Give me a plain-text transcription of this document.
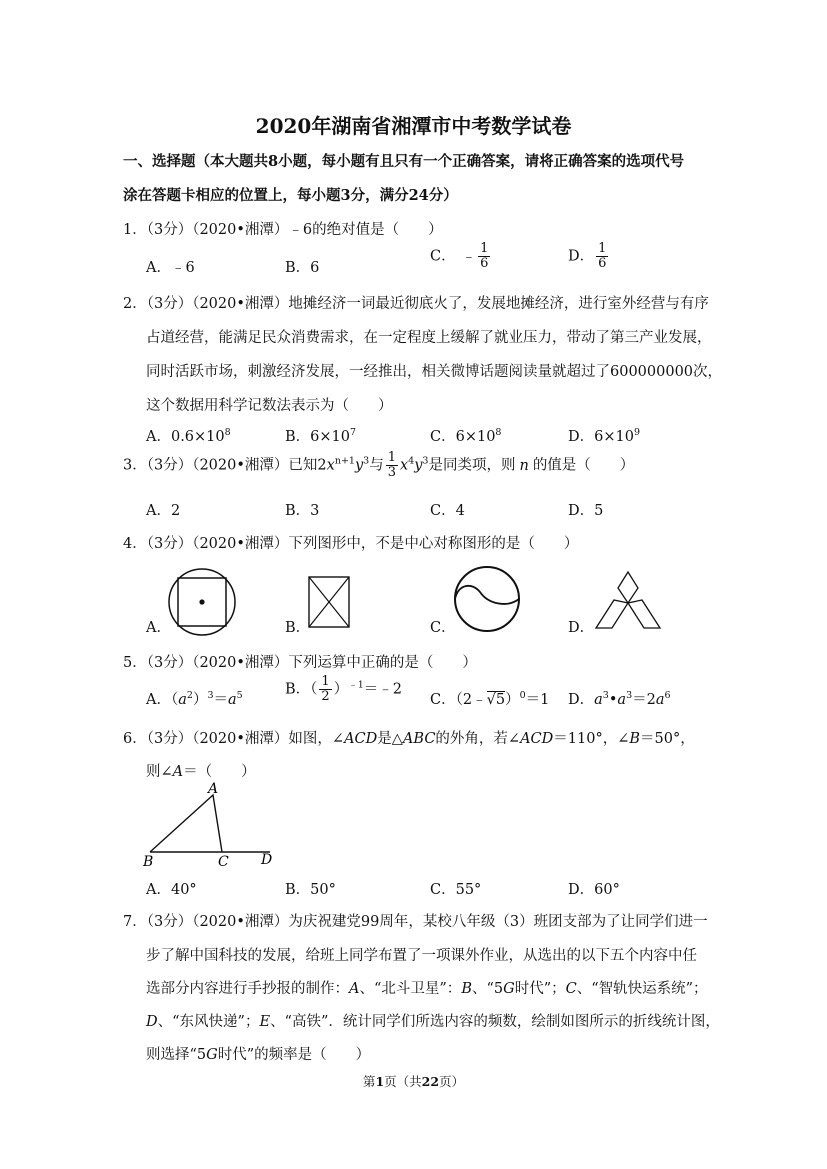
2020年湖南省湘潭市中考数学试卷
一、选择题（本大题共8小题，每小题有且只有一个正确答案，请将正确答案的选项代号
涂在答题卡相应的位置上，每小题3分，满分24分）
1．（3分）（2020•湘潭）﹣6的绝对值是（　　）
A．﹣6	B．6
C． ﹣ $\frac{1}{6}$	D． $\frac{1}{6}$
2．（3分）（2020•湘潭）地摊经济一词最近彻底火了，发展地摊经济，进行室外经营与有序
占道经营，能满足民众消费需求，在一定程度上缓解了就业压力，带动了第三产业发展，
同时活跃市场，刺激经济发展，一经推出，相关微博话题阅读量就超过了600000000次，
这个数据用科学记数法表示为（　　）
A．$0.6\times 10^8$	B．$6\times 10^7$	C．$6\times 10^8$	D．$6\times 10^9$
3．（3分）（2020•湘潭）已知$2x^{n+1}y^3$与 $\frac{1}{3} x^4y^3$是同类项，则 n 的值是（　　）
A．2	B．3	C．4	D．5
4．（3分）（2020•湘潭）下列图形中，不是中心对称图形的是（　　）
A．	B．	C．	D．
5．（3分）（2020•湘潭）下列运算中正确的是（　　）
A．$(a^2)^3=a^5$	B．（ $\frac{1}{2}$ ）$^{﹣1}$＝﹣2
C．（2﹣√5）$^0$＝1 D．$a^3•a^3=2a^6$
6．（3分）（2020•湘潭）如图，∠ACD是△ABC的外角，若∠ACD＝110°，∠B＝50°，
则∠A＝（　　）
A
B	C D
A．40°	B．50°	C．55°	D．60°
7．（3分）（2020•湘潭）为庆祝建党99周年，某校八年级（3）班团支部为了让同学们进一
步了解中国科技的发展，给班上同学布置了一项课外作业，从选出的以下五个内容中任
选部分内容进行手抄报的制作：A、“北斗卫星”：B、“5G时代”；C、“智轨快运系统”；
D、“东风快递”；E、“高铁”．统计同学们所选内容的频数，绘制如图所示的折线统计图，
则选择“5G时代”的频率是（　　）
第1页（共22页）
